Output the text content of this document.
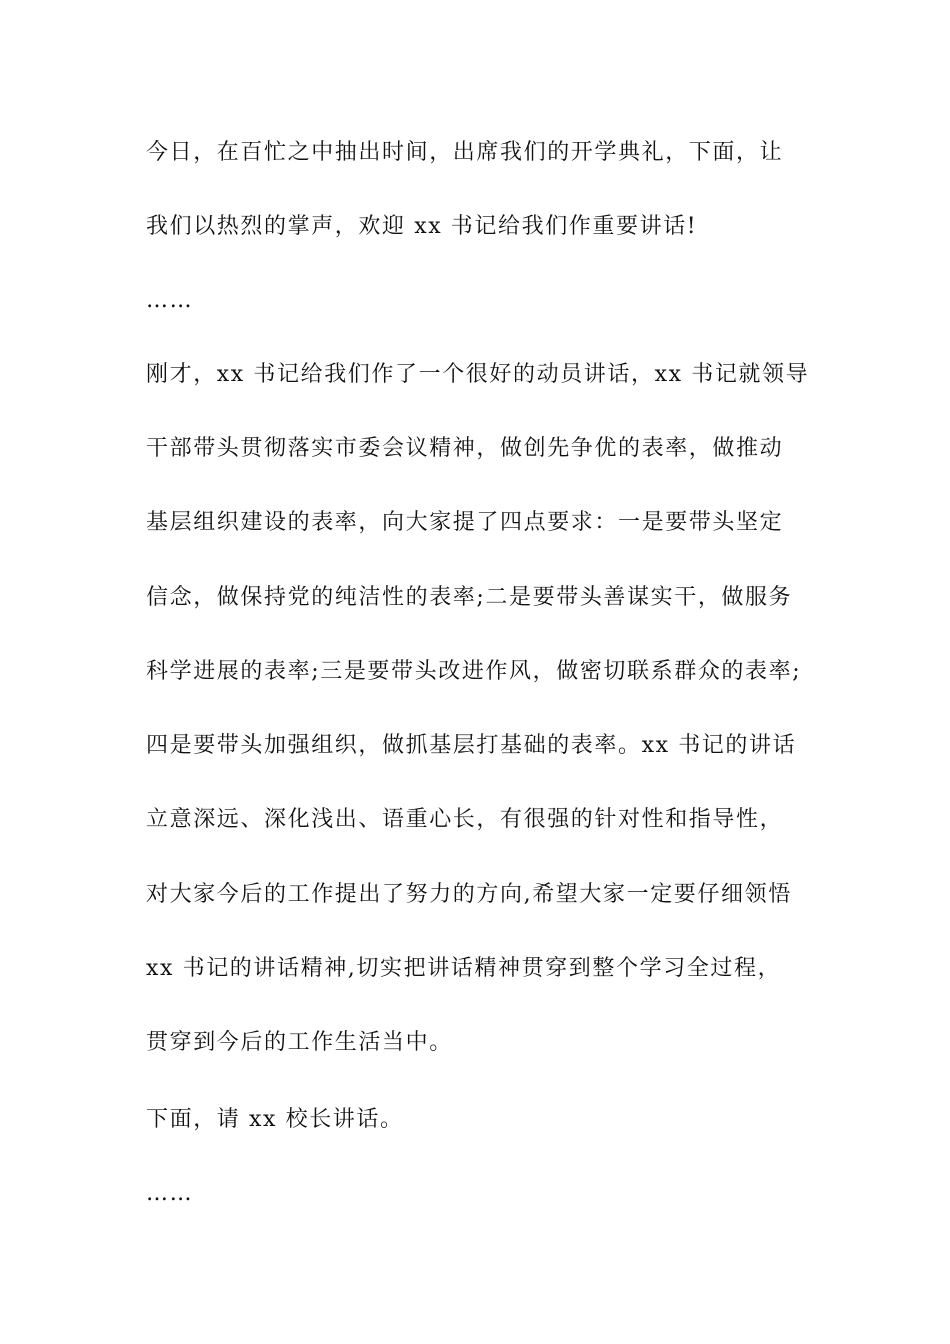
今日，在百忙之中抽出时间，出席我们的开学典礼，下面，让
我们以热烈的掌声，欢迎 xx 书记给我们作重要讲话!
……
刚才，xx 书记给我们作了一个很好的动员讲话，xx 书记就领导
干部带头贯彻落实市委会议精神，做创先争优的表率，做推动
基层组织建设的表率，向大家提了四点要求：一是要带头坚定
信念，做保持党的纯洁性的表率;二是要带头善谋实干，做服务
科学进展的表率;三是要带头改进作风，做密切联系群众的表率;
四是要带头加强组织，做抓基层打基础的表率。xx 书记的讲话
立意深远、深化浅出、语重心长，有很强的针对性和指导性，
对大家今后的工作提出了努力的方向,希望大家一定要仔细领悟
xx 书记的讲话精神,切实把讲话精神贯穿到整个学习全过程，
贯穿到今后的工作生活当中。
下面，请 xx 校长讲话。
……
